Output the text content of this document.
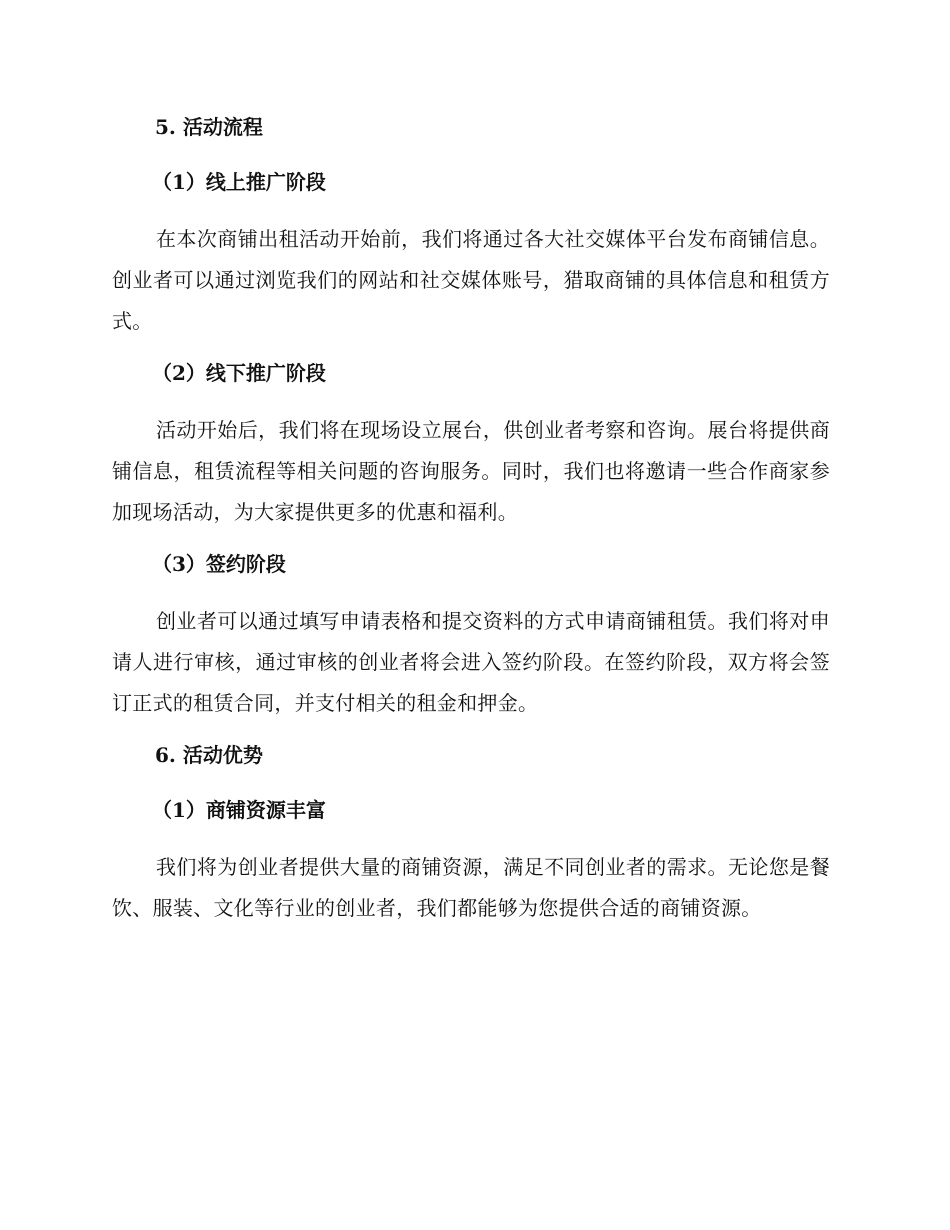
5. 活动流程

（1）线上推广阶段

在本次商铺出租活动开始前，我们将通过各大社交媒体平台发布商铺信息。创业者可以通过浏览我们的网站和社交媒体账号，猎取商铺的具体信息和租赁方式。

（2）线下推广阶段

活动开始后，我们将在现场设立展台，供创业者考察和咨询。展台将提供商铺信息，租赁流程等相关问题的咨询服务。同时，我们也将邀请一些合作商家参加现场活动，为大家提供更多的优惠和福利。

（3）签约阶段

创业者可以通过填写申请表格和提交资料的方式申请商铺租赁。我们将对申请人进行审核，通过审核的创业者将会进入签约阶段。在签约阶段，双方将会签订正式的租赁合同，并支付相关的租金和押金。

6. 活动优势

（1）商铺资源丰富

我们将为创业者提供大量的商铺资源，满足不同创业者的需求。无论您是餐饮、服装、文化等行业的创业者，我们都能够为您提供合适的商铺资源。
